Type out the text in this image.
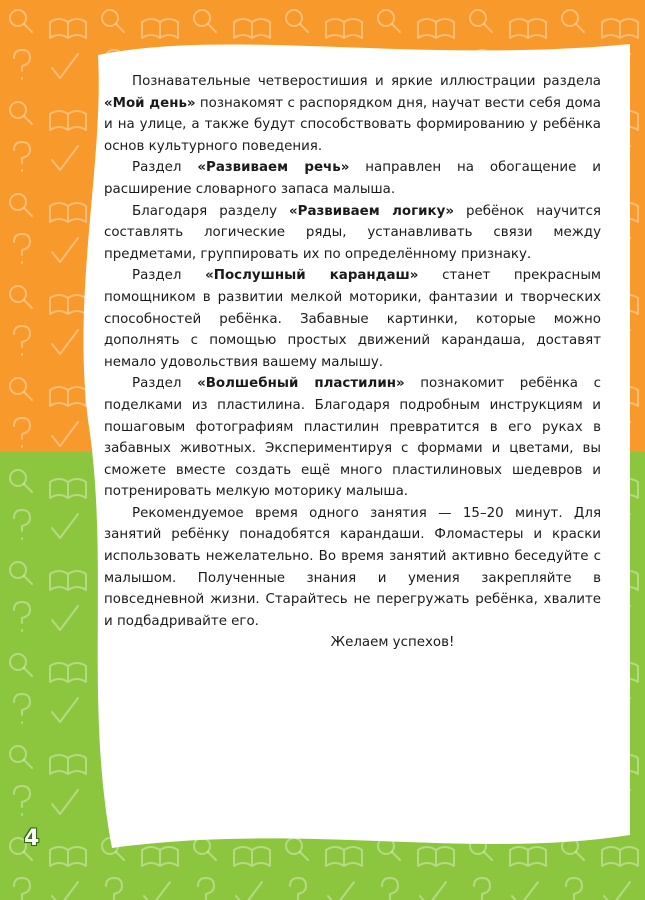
4

Познавательные четверостишия и яркие иллюстрации раздела «Мой день» познакомят с распорядком дня, научат вести себя дома и на улице, а также будут способствовать формированию у ребёнка основ культурного поведения.

Раздел «Развиваем речь» направлен на обогащение и расширение словарного запаса малыша.

Благодаря разделу «Развиваем логику» ребёнок научится составлять логические ряды, устанавливать связи между предметами, группировать их по определённому признаку.

Раздел «Послушный карандаш» станет прекрасным помощником в развитии мелкой моторики, фантазии и творческих способностей ребёнка. Забавные картинки, которые можно дополнять с помощью простых движений карандаша, доставят немало удовольствия вашему малышу.

Раздел «Волшебный пластилин» познакомит ребёнка с поделками из пластилина. Благодаря подробным инструкциям и пошаговым фотографиям пластилин превратится в его руках в забавных животных. Экспериментируя с формами и цветами, вы сможете вместе создать ещё много пластилиновых шедевров и потренировать мелкую моторику малыша.

Рекомендуемое время одного занятия — 15–20 минут. Для занятий ребёнку понадобятся карандаши. Фломастеры и краски использовать нежелательно. Во время занятий активно беседуйте с малышом. Полученные знания и умения закрепляйте в повседневной жизни. Старайтесь не перегружать ребёнка, хвалите и подбадривайте его.

Желаем успехов!
